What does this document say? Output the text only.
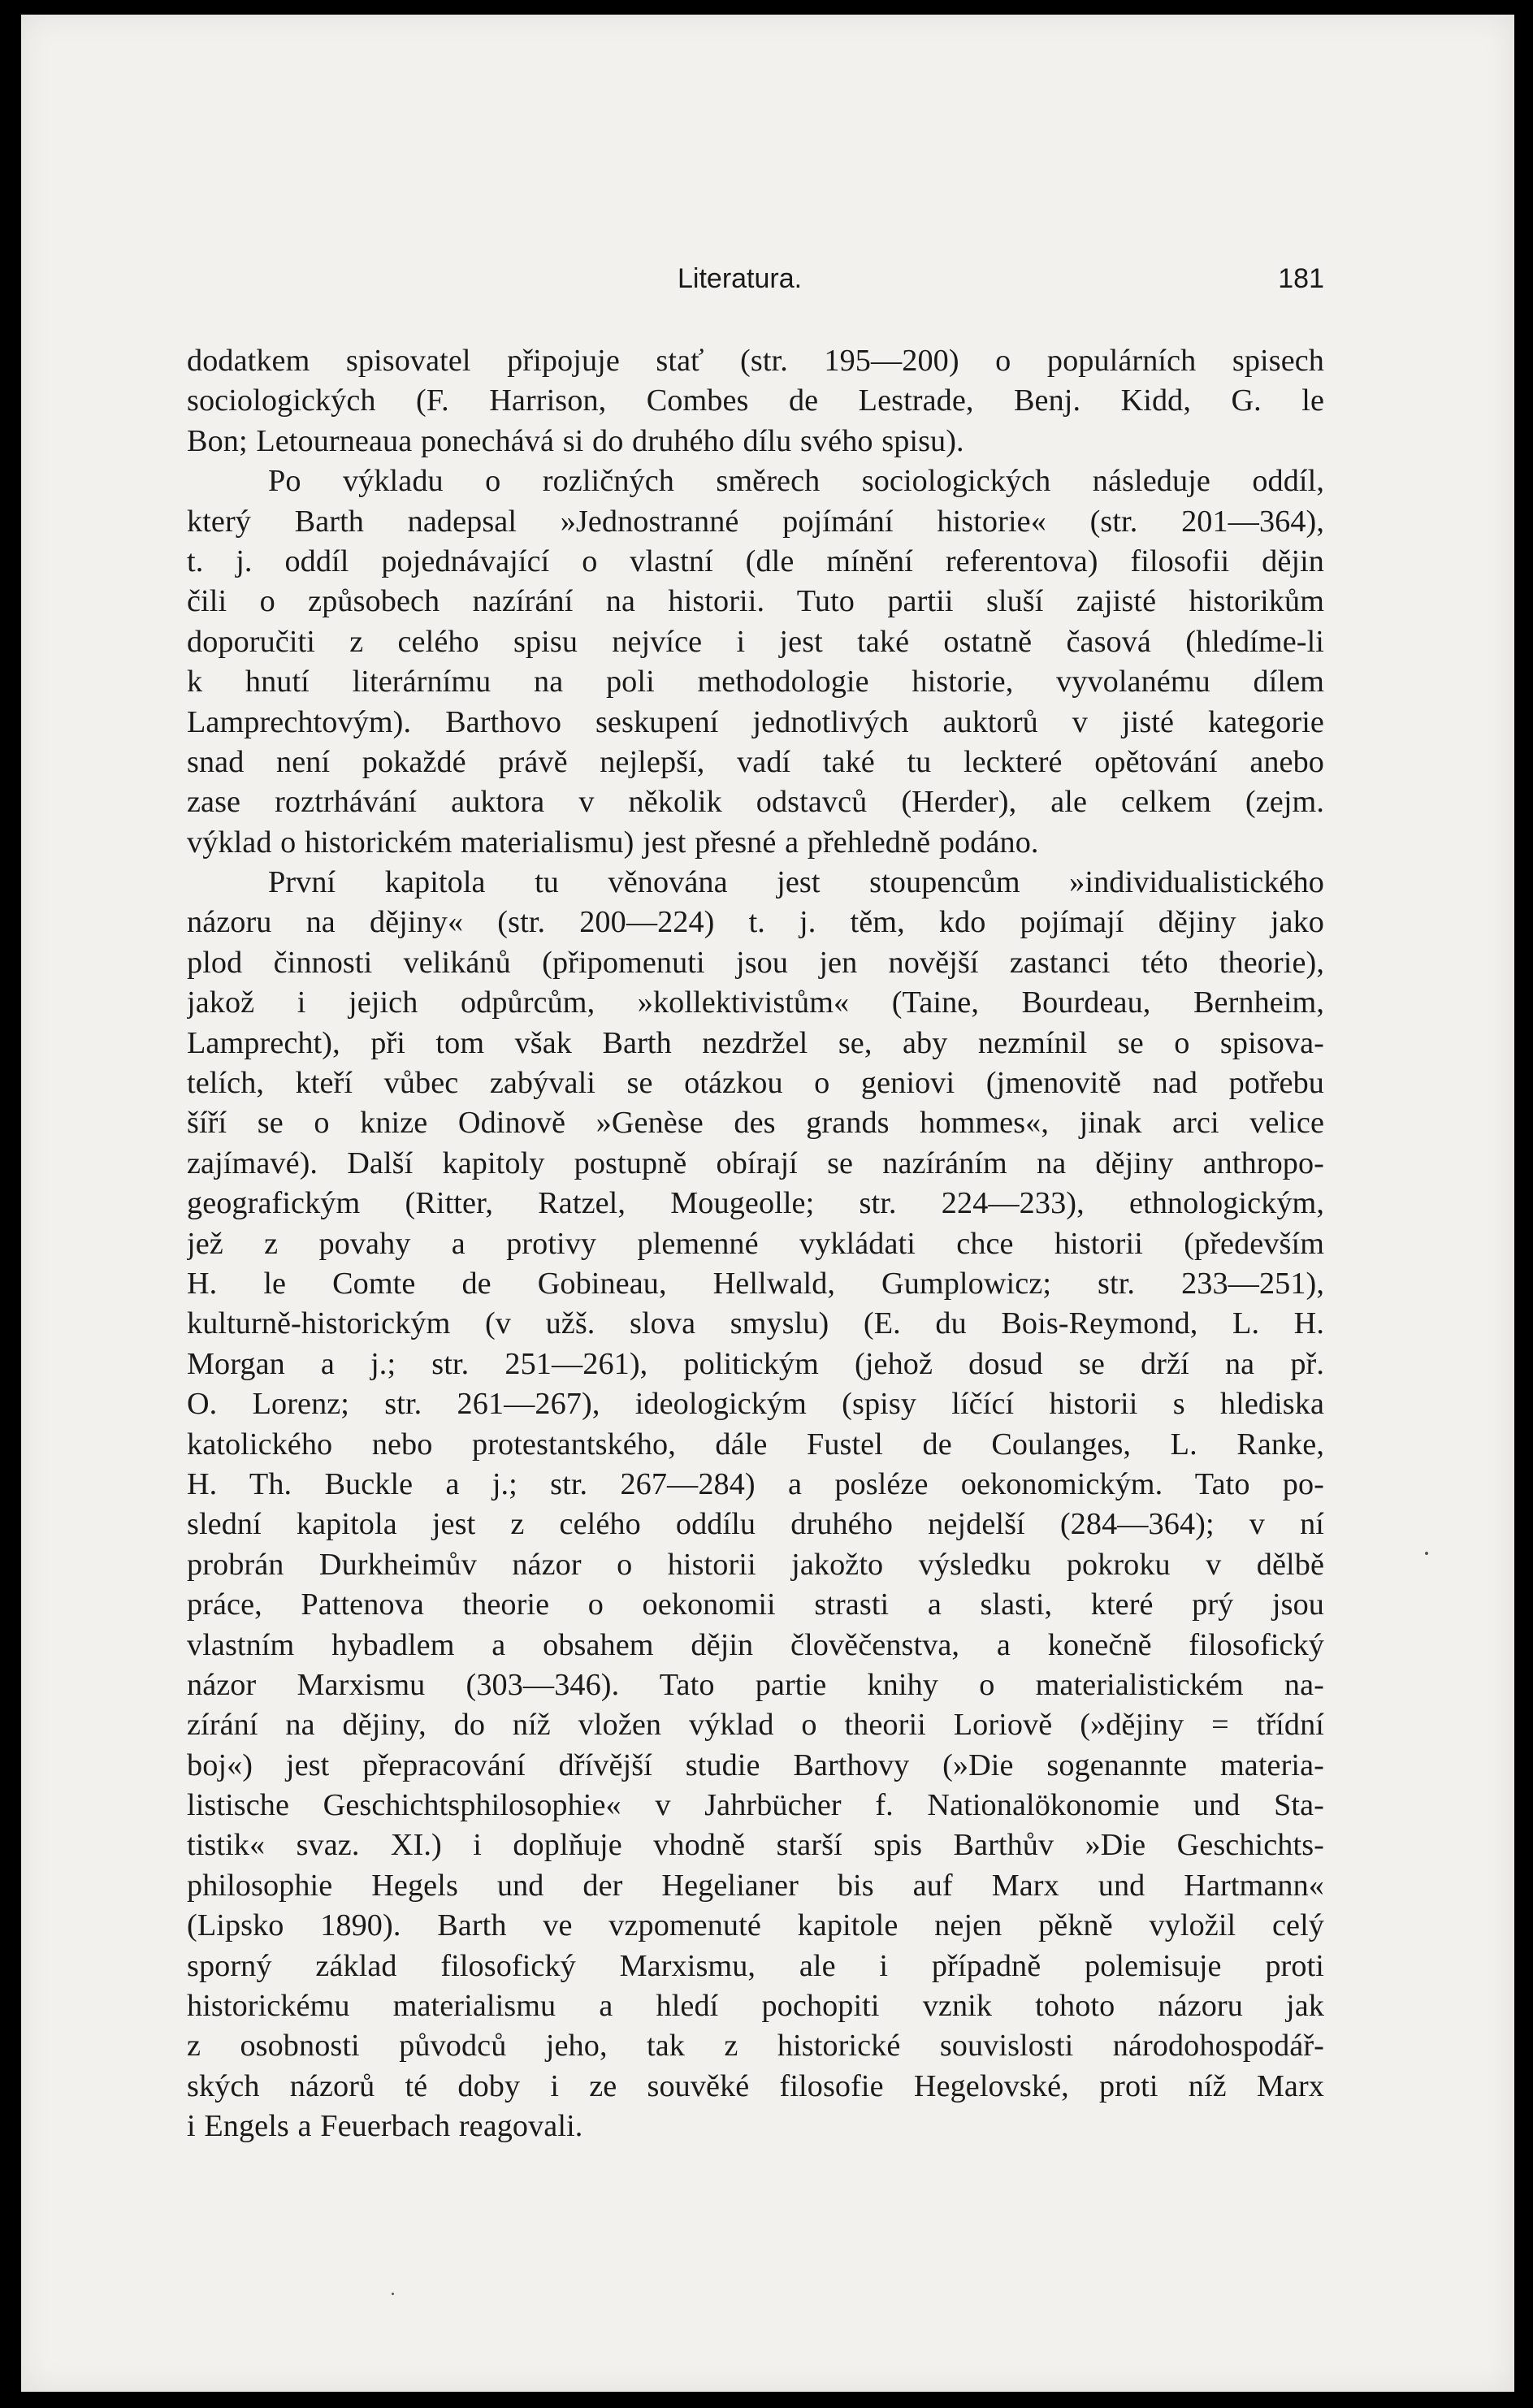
Literatura.	181
dodatkem spisovatel připojuje stať (str. 195—200) o populárních spisech
sociologických (F. Harrison, Combes de Lestrade, Benj. Kidd, G. le
Bon; Letourneaua ponechává si do druhého dílu svého spisu).
Po výkladu o rozličných směrech sociologických následuje oddíl,
který Barth nadepsal »Jednostranné pojímání historie« (str. 201—364),
t. j. oddíl pojednávající o vlastní (dle mínění referentova) filosofii dějin
čili o způsobech nazírání na historii. Tuto partii sluší zajisté historikům
doporučiti z celého spisu nejvíce i jest také ostatně časová (hledíme-li
k hnutí literárnímu na poli methodologie historie, vyvolanému dílem
Lamprechtovým). Barthovo seskupení jednotlivých auktorů v jisté kategorie
snad není pokaždé právě nejlepší, vadí také tu leckteré opětování anebo
zase roztrhávání auktora v několik odstavců (Herder), ale celkem (zejm.
výklad o historickém materialismu) jest přesné a přehledně podáno.
První kapitola tu věnována jest stoupencům »individualistického
názoru na dějiny« (str. 200—224) t. j. těm, kdo pojímají dějiny jako
plod činnosti velikánů (připomenuti jsou jen novější zastanci této theorie),
jakož i jejich odpůrcům, »kollektivistům« (Taine, Bourdeau, Bernheim,
Lamprecht), při tom však Barth nezdržel se, aby nezmínil se o spisova-
telích, kteří vůbec zabývali se otázkou o geniovi (jmenovitě nad potřebu
šíří se o knize Odinově »Genèse des grands hommes«, jinak arci velice
zajímavé). Další kapitoly postupně obírají se nazíráním na dějiny anthropo-
geografickým (Ritter, Ratzel, Mougeolle; str. 224—233), ethnologickým,
jež z povahy a protivy plemenné vykládati chce historii (především
H. le Comte de Gobineau, Hellwald, Gumplowicz; str. 233—251),
kulturně-historickým (v užš. slova smyslu) (E. du Bois-Reymond, L. H.
Morgan a j.; str. 251—261), politickým (jehož dosud se drží na př.
O. Lorenz; str. 261—267), ideologickým (spisy líčící historii s hlediska
katolického nebo protestantského, dále Fustel de Coulanges, L. Ranke,
H. Th. Buckle a j.; str. 267—284) a posléze oekonomickým. Tato po-
slední kapitola jest z celého oddílu druhého nejdelší (284—364); v ní
probrán Durkheimův názor o historii jakožto výsledku pokroku v dělbě
práce, Pattenova theorie o oekonomii strasti a slasti, které prý jsou
vlastním hybadlem a obsahem dějin člověčenstva, a konečně filosofický
názor Marxismu (303—346). Tato partie knihy o materialistickém na-
zírání na dějiny, do níž vložen výklad o theorii Loriově (»dějiny = třídní
boj«) jest přepracování dřívější studie Barthovy (»Die sogenannte materia-
listische Geschichtsphilosophie« v Jahrbücher f. Nationalökonomie und Sta-
tistik« svaz. XI.) i doplňuje vhodně starší spis Barthův »Die Geschichts-
philosophie Hegels und der Hegelianer bis auf Marx und Hartmann«
(Lipsko 1890). Barth ve vzpomenuté kapitole nejen pěkně vyložil celý
sporný základ filosofický Marxismu, ale i případně polemisuje proti
historickému materialismu a hledí pochopiti vznik tohoto názoru jak
z osobnosti původců jeho, tak z historické souvislosti národohospodář-
ských názorů té doby i ze souvěké filosofie Hegelovské, proti níž Marx
i Engels a Feuerbach reagovali.
